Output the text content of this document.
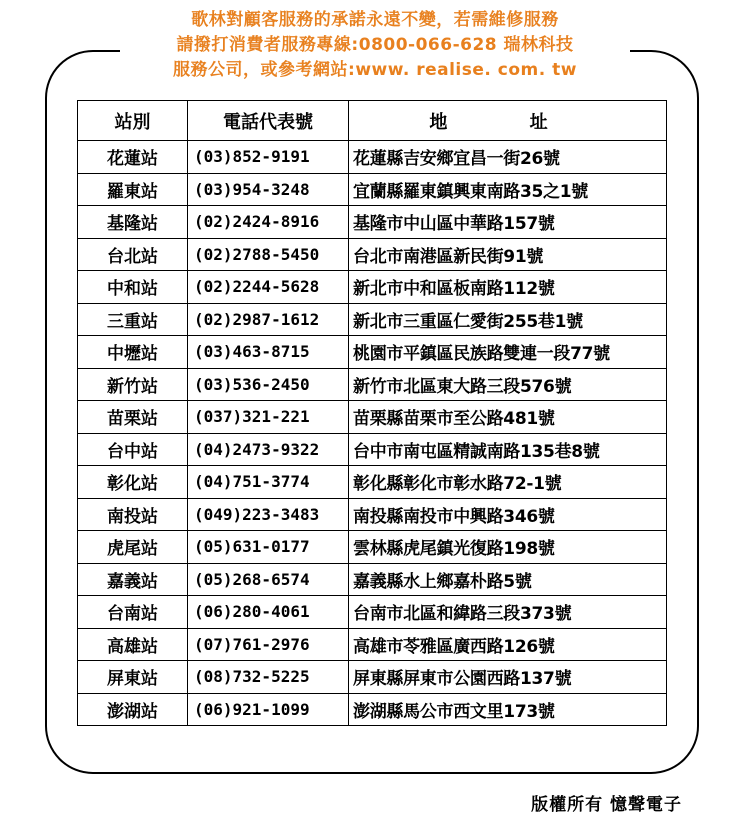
歌林對顧客服務的承諾永遠不變，若需維修服務
請撥打消費者服務專線:0800-066-628 瑞林科技
服務公司，或參考網站:www. realise. com. tw
站別	電話代表號	地 址
花蓮站	(03)852-9191	花蓮縣吉安鄉宜昌一街26號
羅東站	(03)954-3248	宜蘭縣羅東鎮興東南路35之1號
基隆站	(02)2424-8916	基隆市中山區中華路157號
台北站	(02)2788-5450	台北市南港區新民街91號
中和站	(02)2244-5628	新北市中和區板南路112號
三重站	(02)2987-1612	新北市三重區仁愛街255巷1號
中壢站	(03)463-8715	桃園市平鎮區民族路雙連一段77號
新竹站	(03)536-2450	新竹市北區東大路三段576號
苗栗站	(037)321-221	苗栗縣苗栗市至公路481號
台中站	(04)2473-9322	台中市南屯區精誠南路135巷8號
彰化站	(04)751-3774	彰化縣彰化市彰水路72-1號
南投站	(049)223-3483	南投縣南投市中興路346號
虎尾站	(05)631-0177	雲林縣虎尾鎮光復路198號
嘉義站	(05)268-6574	嘉義縣水上鄉嘉朴路5號
台南站	(06)280-4061	台南市北區和緯路三段373號
高雄站	(07)761-2976	高雄市苓雅區廣西路126號
屏東站	(08)732-5225	屏東縣屏東市公園西路137號
澎湖站	(06)921-1099	澎湖縣馬公市西文里173號
版權所有 憶聲電子
